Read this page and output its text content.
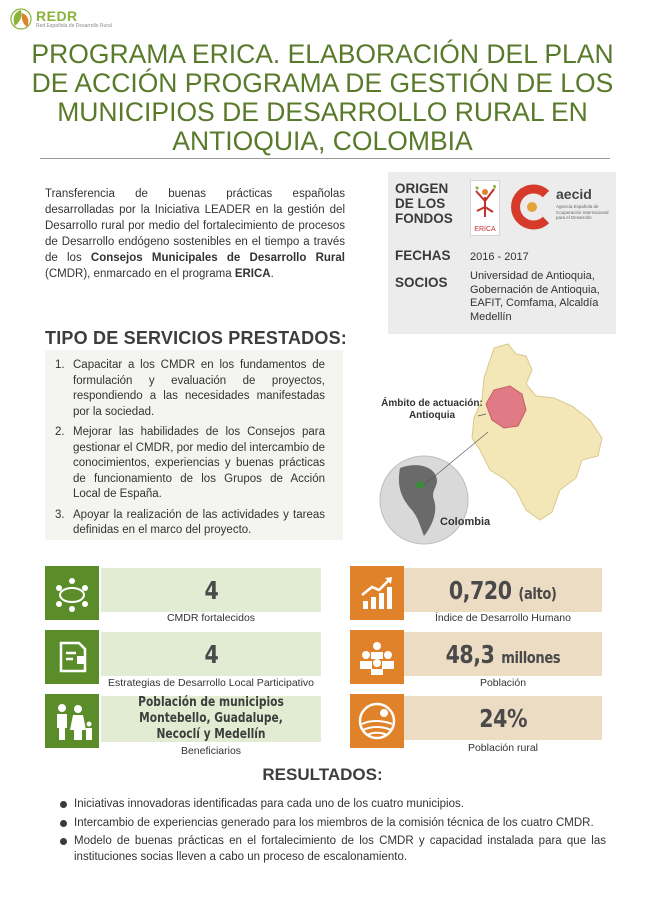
REDR
Red Española de Desarrollo Rural
PROGRAMA ERICA. ELABORACIÓN DEL PLAN DE ACCIÓN PROGRAMA DE GESTIÓN DE LOS MUNICIPIOS DE DESARROLLO RURAL EN ANTIOQUIA, COLOMBIA

Transferencia de buenas prácticas españolas desarrolladas por la Iniciativa LEADER en la gestión del Desarrollo rural por medio del fortalecimiento de procesos de Desarrollo endógeno sostenibles en el tiempo a través de los Consejos Municipales de Desarrollo Rural (CMDR), enmarcado en el programa ERICA.

ORIGEN DE LOS FONDOS
ERICA
aecid
Agencia Española de Cooperación Internacional para el Desarrollo
FECHAS 2016 - 2017
SOCIOS Universidad de Antioquia, Gobernación de Antioquia, EAFIT, Comfama, Alcaldía Medellín
TIPO DE SERVICIOS PRESTADOS:
1. Capacitar a los CMDR en los fundamentos de formulación y evaluación de proyectos, respondiendo a las necesidades manifestadas por la sociedad.
2. Mejorar las habilidades de los Consejos para gestionar el CMDR, por medio del intercambio de conocimientos, experiencias y buenas prácticas de funcionamiento de los Grupos de Acción Local de España.
3. Apoyar la realización de las actividades y tareas definidas en el marco del proyecto.
Ámbito de actuación: Antioquia
Colombia
4
CMDR fortalecidos
4
Estrategias de Desarrollo Local Participativo
Población de municipios Montebello, Guadalupe, Necoclí y Medellín
Beneficiarios
0,720 (alto)
Índice de Desarrollo Humano
48,3 millones
Población
24%
Población rural
RESULTADOS:
Iniciativas innovadoras identificadas para cada uno de los cuatro municipios.
Intercambio de experiencias generado para los miembros de la comisión técnica de los cuatro CMDR.
Modelo de buenas prácticas en el fortalecimiento de los CMDR y capacidad instalada para que las instituciones socias lleven a cabo un proceso de escalonamiento.
